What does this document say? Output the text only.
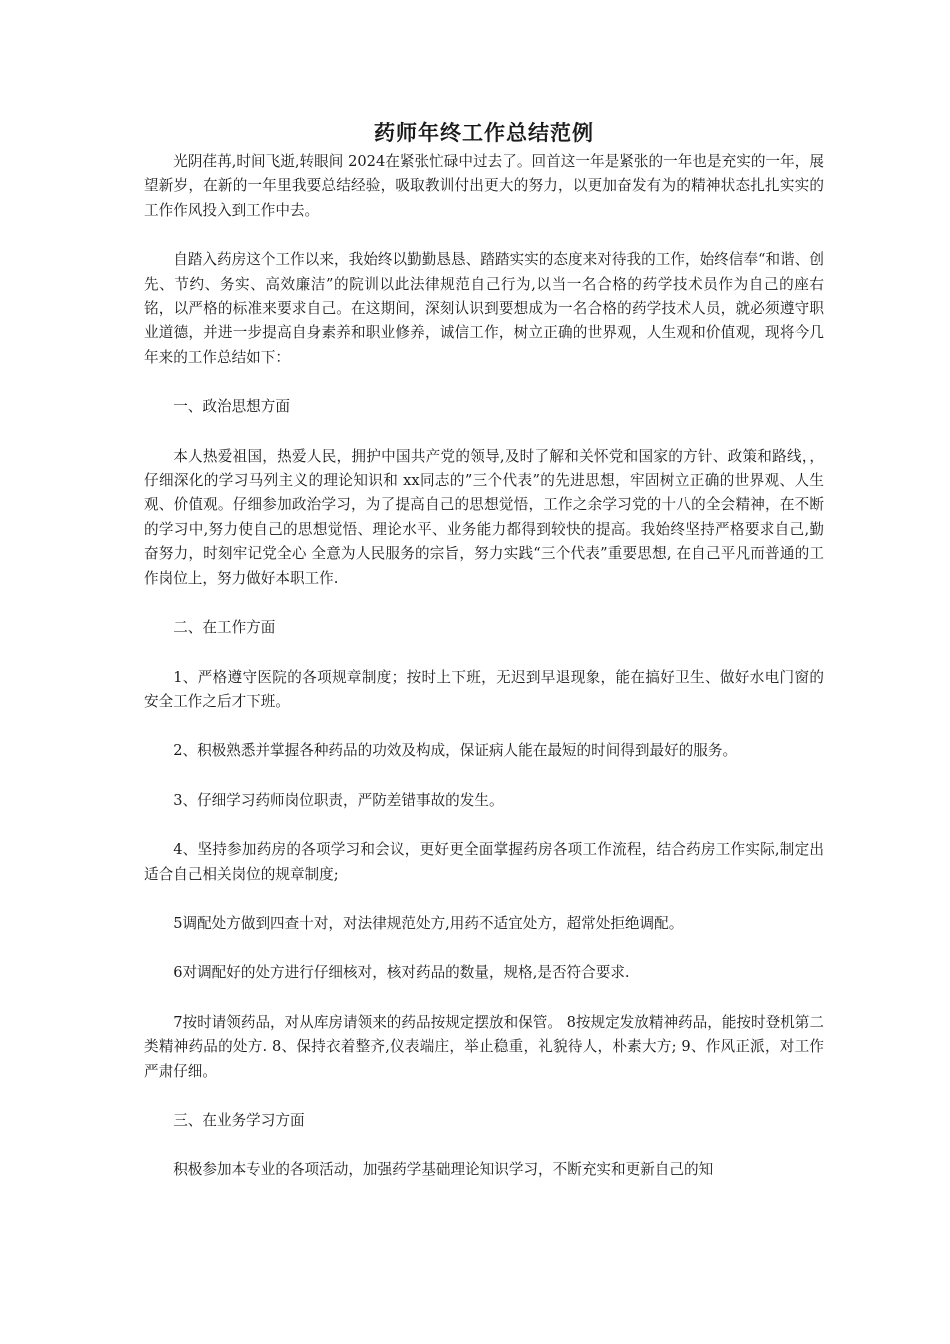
药师年终工作总结范例

光阴荏苒,时间飞逝,转眼间 2024在紧张忙碌中过去了。回首这一年是紧张的一年也是充实的一年，展望新岁，在新的一年里我要总结经验，吸取教训付出更大的努力，以更加奋发有为的精神状态扎扎实实的工作作风投入到工作中去。

自踏入药房这个工作以来，我始终以勤勤恳恳、踏踏实实的态度来对待我的工作，始终信奉“和谐、创先、节约、务实、高效廉洁”的院训以此法律规范自己行为,以当一名合格的药学技术员作为自己的座右铭，以严格的标准来要求自己。在这期间，深刻认识到要想成为一名合格的药学技术人员，就必须遵守职业道德，并进一步提高自身素养和职业修养，诚信工作，树立正确的世界观，人生观和价值观，现将今几年来的工作总结如下：

一、政治思想方面

本人热爱祖国，热爱人民，拥护中国共产党的领导,及时了解和关怀党和国家的方针、政策和路线，，仔细深化的学习马列主义的理论知识和 xx同志的”三个代表”的先进思想，牢固树立正确的世界观、人生观、价值观。仔细参加政治学习，为了提高自己的思想觉悟，工作之余学习党的十八的全会精神，在不断的学习中,努力使自己的思想觉悟、理论水平、业务能力都得到较快的提高。我始终坚持严格要求自己,勤奋努力，时刻牢记党全心 全意为人民服务的宗旨，努力实践“三个代表”重要思想, 在自己平凡而普通的工作岗位上，努力做好本职工作.

二、在工作方面

1、严格遵守医院的各项规章制度；按时上下班，无迟到早退现象，能在搞好卫生、做好水电门窗的安全工作之后才下班。

2、积极熟悉并掌握各种药品的功效及构成，保证病人能在最短的时间得到最好的服务。

3、仔细学习药师岗位职责，严防差错事故的发生。

4、坚持参加药房的各项学习和会议，更好更全面掌握药房各项工作流程，结合药房工作实际,制定出适合自己相关岗位的规章制度;

5调配处方做到四查十对，对法律规范处方,用药不适宜处方，超常处拒绝调配。

6对调配好的处方进行仔细核对，核对药品的数量，规格,是否符合要求.

7按时请领药品，对从库房请领来的药品按规定摆放和保管。 8按规定发放精神药品，能按时登机第二类精神药品的处方. 8、保持衣着整齐,仪表端庄，举止稳重，礼貌待人，朴素大方; 9、作风正派，对工作严肃仔细。

三、在业务学习方面

积极参加本专业的各项活动，加强药学基础理论知识学习，不断充实和更新自己的知
